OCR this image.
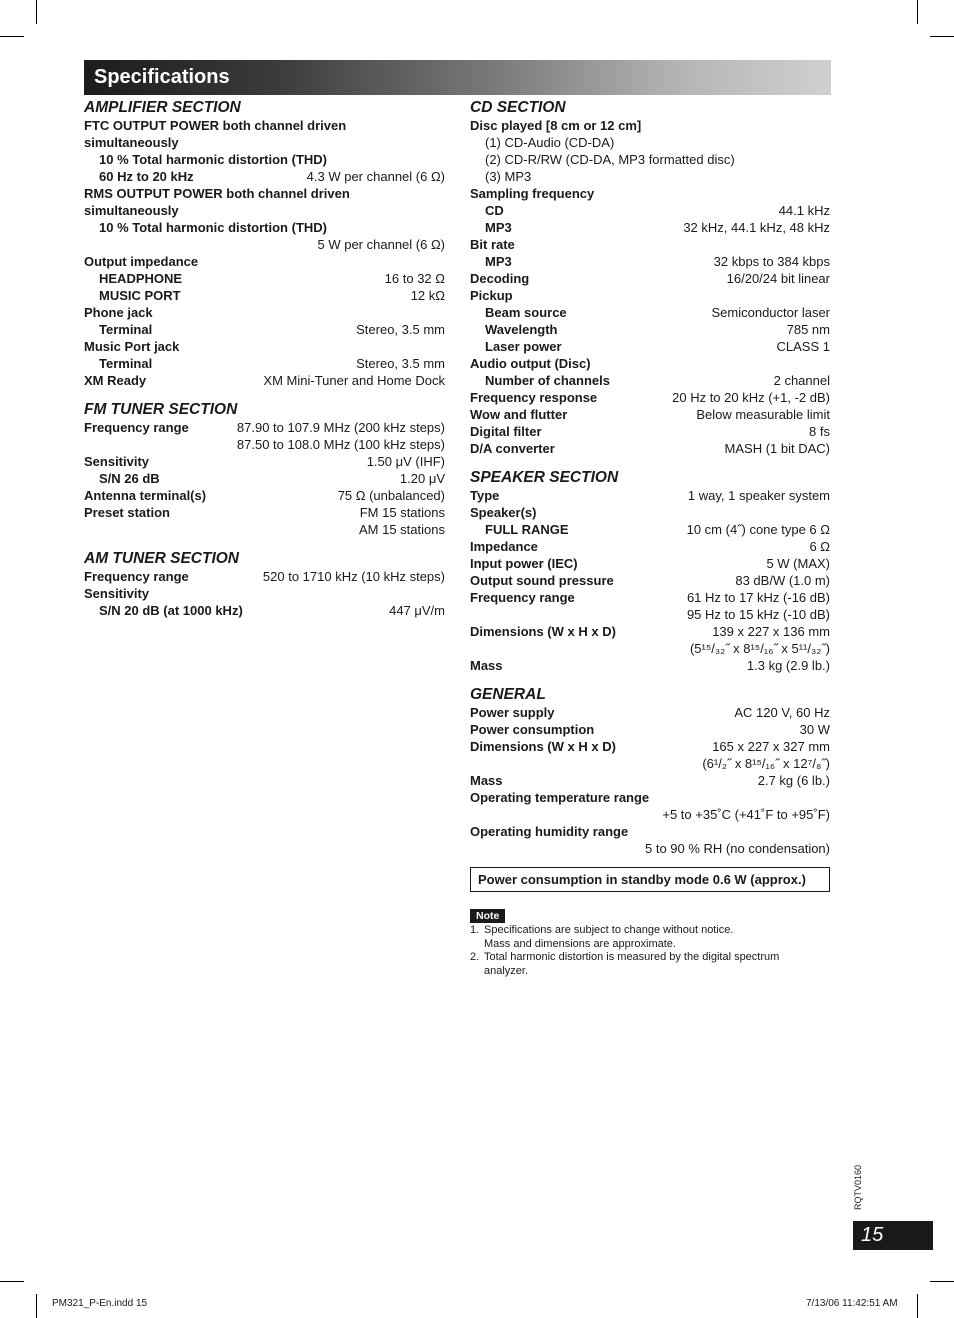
Specifications
AMPLIFIER SECTION
FTC OUTPUT POWER both channel driven
simultaneously
10 % Total harmonic distortion (THD)
60 Hz to 20 kHz	4.3 W per channel (6 Ω)
RMS OUTPUT POWER both channel driven
simultaneously
10 % Total harmonic distortion (THD)
5 W per channel (6 Ω)
Output impedance
HEADPHONE	16 to 32 Ω
MUSIC PORT	12 kΩ
Phone jack
Terminal	Stereo, 3.5 mm
Music Port jack
Terminal	Stereo, 3.5 mm
XM Ready	XM Mini-Tuner and Home Dock
FM TUNER SECTION
Frequency range	87.90 to 107.9 MHz (200 kHz steps)
87.50 to 108.0 MHz (100 kHz steps)
Sensitivity	1.50 μV (IHF)
S/N 26 dB	1.20 μV
Antenna terminal(s)	75 Ω (unbalanced)
Preset station	FM 15 stations
AM 15 stations
AM TUNER SECTION
Frequency range	520 to 1710 kHz (10 kHz steps)
Sensitivity
S/N 20 dB (at 1000 kHz)	447 μV/m
CD SECTION
Disc played [8 cm or 12 cm]
(1) CD-Audio (CD-DA)
(2) CD-R/RW (CD-DA, MP3 formatted disc)
(3) MP3
Sampling frequency
CD	44.1 kHz
MP3	32 kHz, 44.1 kHz, 48 kHz
Bit rate
MP3	32 kbps to 384 kbps
Decoding	16/20/24 bit linear
Pickup
Beam source	Semiconductor laser
Wavelength	785 nm
Laser power	CLASS 1
Audio output (Disc)
Number of channels	2 channel
Frequency response	20 Hz to 20 kHz (+1, -2 dB)
Wow and flutter	Below measurable limit
Digital filter	8 fs
D/A converter	MASH (1 bit DAC)
SPEAKER SECTION
Type	1 way, 1 speaker system
Speaker(s)
FULL RANGE	10 cm (4˝) cone type 6 Ω
Impedance	6 Ω
Input power (IEC)	5 W (MAX)
Output sound pressure	83 dB/W (1.0 m)
Frequency range	61 Hz to 17 kHz (-16 dB)
95 Hz to 15 kHz (-10 dB)
Dimensions (W x H x D)	139 x 227 x 136 mm
(5¹⁵/₃₂˝ x 8¹⁵/₁₆˝ x 5¹¹/₃₂˝)
Mass	1.3 kg (2.9 lb.)
GENERAL
Power supply	AC 120 V, 60 Hz
Power consumption	30 W
Dimensions (W x H x D)	165 x 227 x 327 mm
(6¹/₂˝ x 8¹⁵/₁₆˝ x 12⁷/₈˝)
Mass	2.7 kg (6 lb.)
Operating temperature range
+5 to +35˚C (+41˚F to +95˚F)
Operating humidity range
5 to 90 % RH (no condensation)
Power consumption in standby mode 0.6 W (approx.)
Note
1. Specifications are subject to change without notice.
Mass and dimensions are approximate.
2. Total harmonic distortion is measured by the digital spectrum
analyzer.
RQTV0160
15
PM321_P-En.indd 15	7/13/06 11:42:51 AM
